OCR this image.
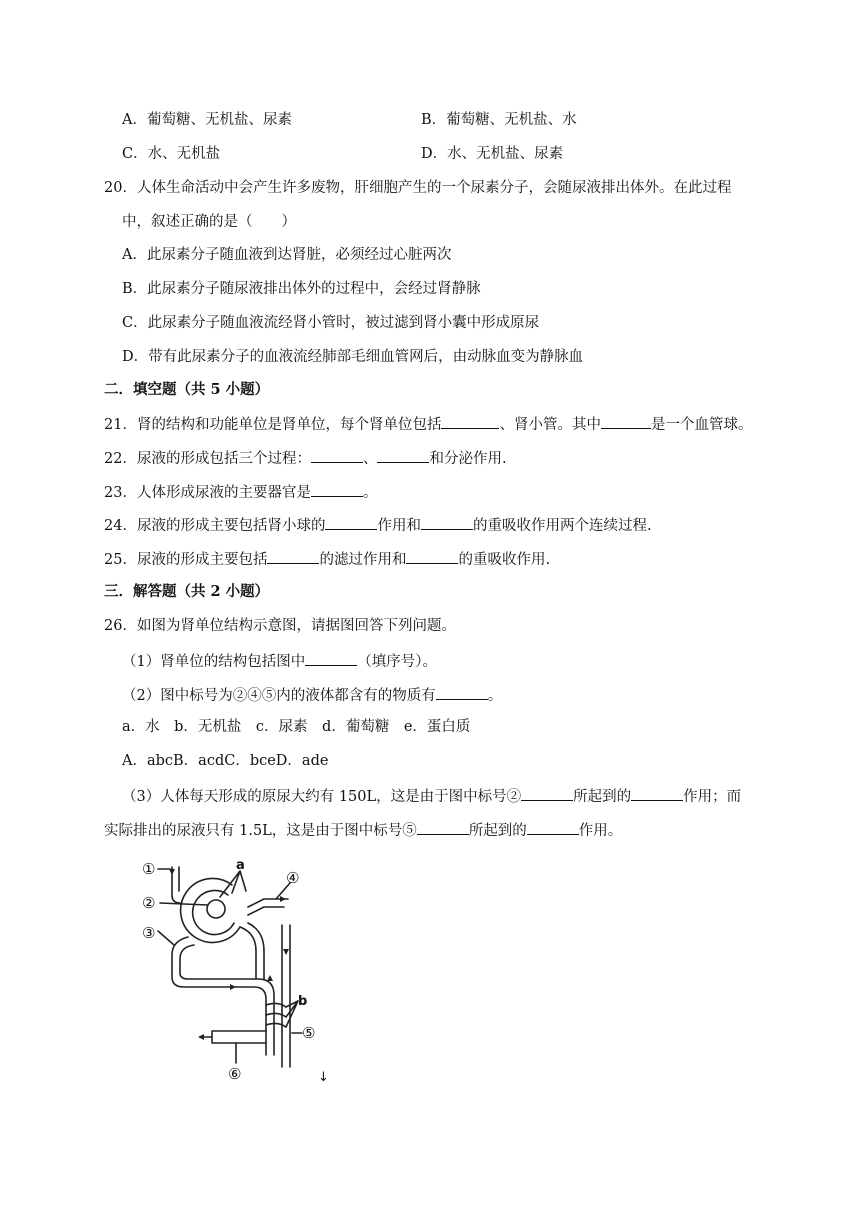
A．葡萄糖、无机盐、尿素	B．葡萄糖、无机盐、水
C．水、无机盐	D．水、无机盐、尿素
20．人体生命活动中会产生许多废物，肝细胞产生的一个尿素分子，会随尿液排出体外。在此过程
中，叙述正确的是（　　）
A．此尿素分子随血液到达肾脏，必须经过心脏两次
B．此尿素分子随尿液排出体外的过程中，会经过肾静脉
C．此尿素分子随血液流经肾小管时，被过滤到肾小囊中形成原尿
D．带有此尿素分子的血液流经肺部毛细血管网后，由动脉血变为静脉血
二．填空题（共 5 小题）
21．肾的结构和功能单位是肾单位，每个肾单位包括	、肾小管。其中	是一个血管球。
22．尿液的形成包括三个过程：	、	和分泌作用.
23．人体形成尿液的主要器官是	。
24．尿液的形成主要包括肾小球的	作用和	的重吸收作用两个连续过程.
25．尿液的形成主要包括	的滤过作用和	的重吸收作用.
三．解答题（共 2 小题）
26．如图为肾单位结构示意图，请据图回答下列问题。
（1）肾单位的结构包括图中	（填序号）。
（2）图中标号为②④⑤内的液体都含有的物质有	。
a．水　b．无机盐　c．尿素　d．葡萄糖　e．蛋白质
A．abcB．acdC．bceD．ade
（3）人体每天形成的原尿大约有 150L，这是由于图中标号②	所起到的	作用；而
实际排出的尿液只有 1.5L，这是由于图中标号⑤	所起到的	作用。
①
②
③
④
⑤
⑥
a
b
↓
